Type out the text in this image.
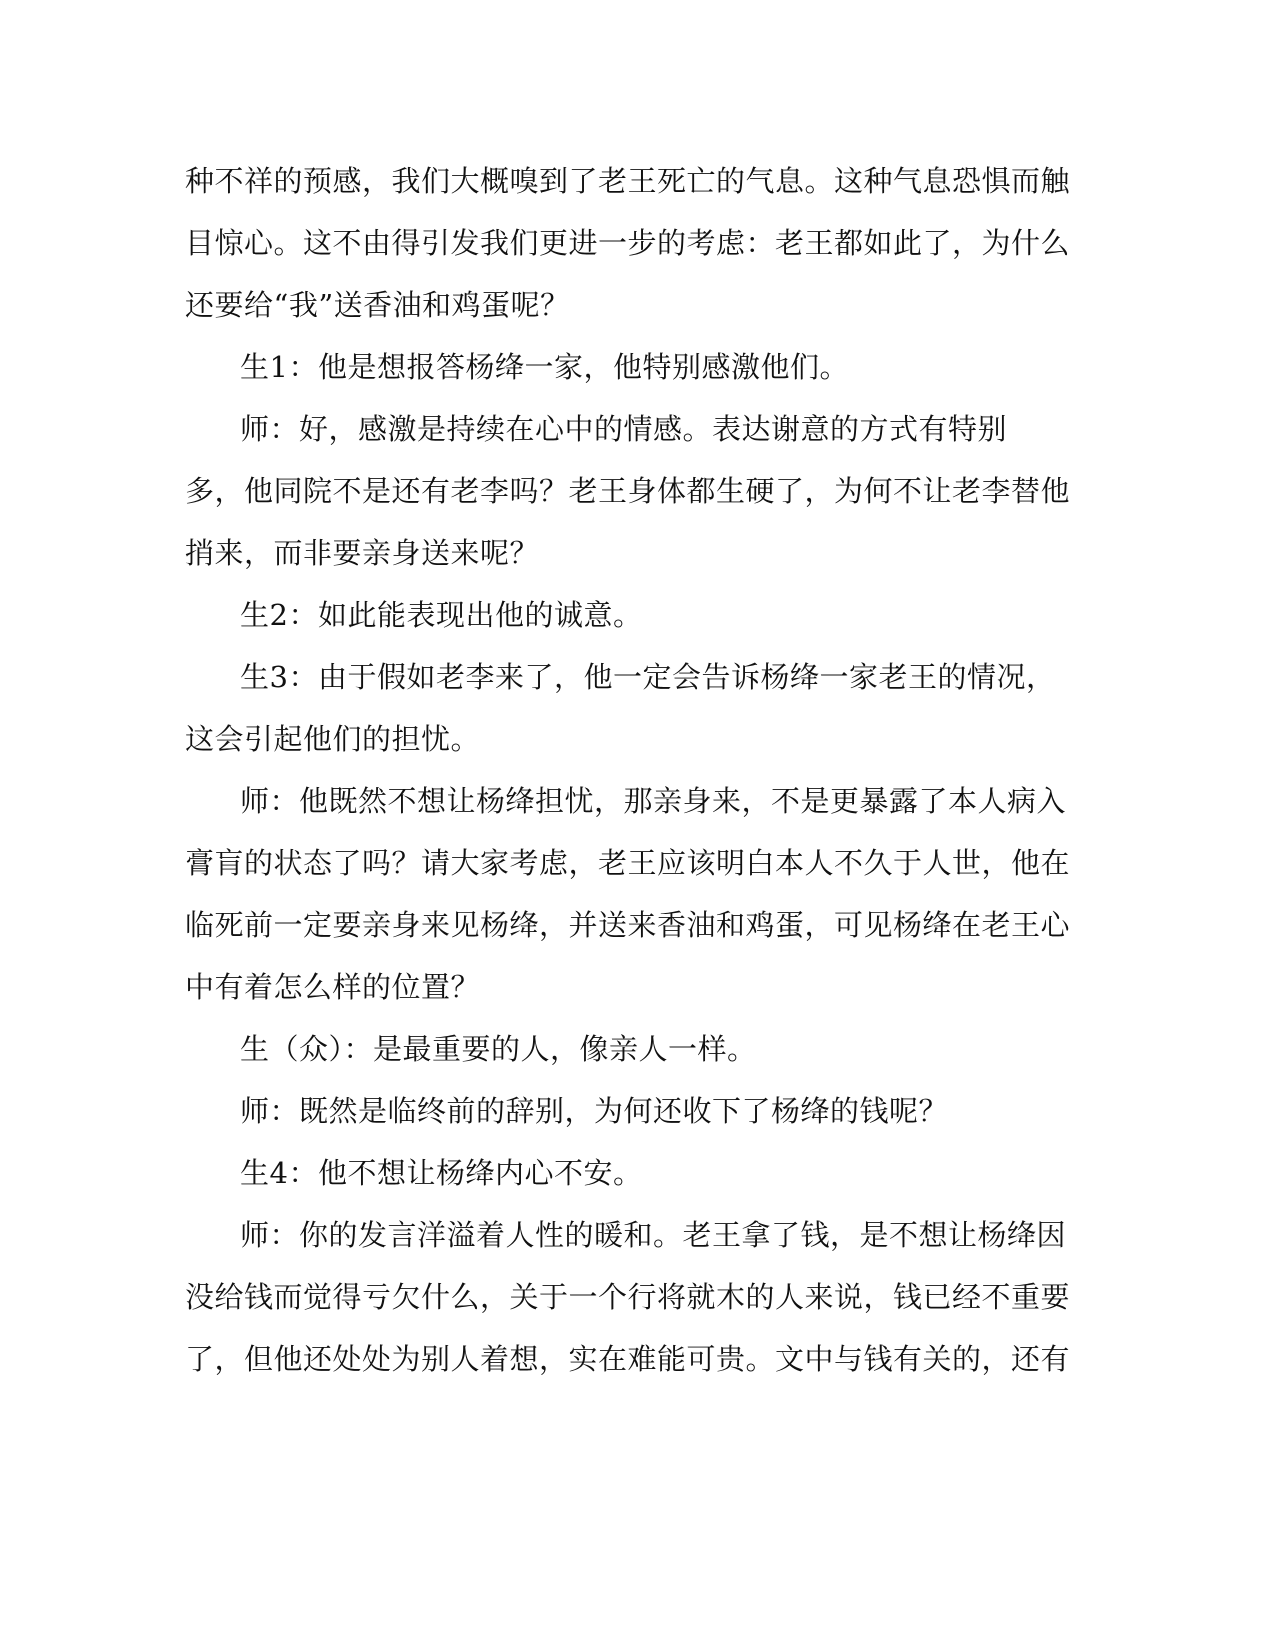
种不祥的预感，我们大概嗅到了老王死亡的气息。这种气息恐惧而触
目惊心。这不由得引发我们更进一步的考虑：老王都如此了，为什么
还要给“我”送香油和鸡蛋呢？
生1：他是想报答杨绛一家，他特别感激他们。
师：好，感激是持续在心中的情感。表达谢意的方式有特别
多，他同院不是还有老李吗？老王身体都生硬了，为何不让老李替他
捎来，而非要亲身送来呢？
生2：如此能表现出他的诚意。
生3：由于假如老李来了，他一定会告诉杨绛一家老王的情况，
这会引起他们的担忧。
师：他既然不想让杨绛担忧，那亲身来，不是更暴露了本人病入
膏肓的状态了吗？请大家考虑，老王应该明白本人不久于人世，他在
临死前一定要亲身来见杨绛，并送来香油和鸡蛋，可见杨绛在老王心
中有着怎么样的位置？
生（众）：是最重要的人，像亲人一样。
师：既然是临终前的辞别，为何还收下了杨绛的钱呢？
生4：他不想让杨绛内心不安。
师：你的发言洋溢着人性的暖和。老王拿了钱，是不想让杨绛因
没给钱而觉得亏欠什么，关于一个行将就木的人来说，钱已经不重要
了，但他还处处为别人着想，实在难能可贵。文中与钱有关的，还有
